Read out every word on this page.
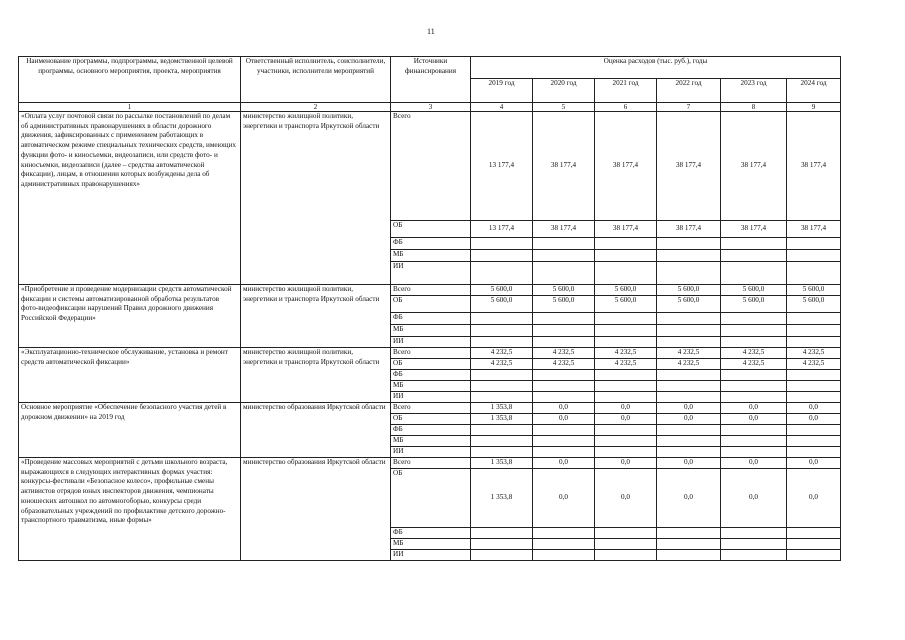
11
Наименование программы, подпрограммы, ведомственной целевой программы, основного мероприятия, проекта, мероприятия	Ответственный исполнитель, соисполнители, участники, исполнители мероприятий	Источники финансирования	Оценка расходов (тыс. руб.), годы					
			2019 год	2020 год	2021 год	2022 год	2023 год	2024 год
1	2	3	4	5	6	7	8	9
«Оплата услуг почтовой связи по рассылке постановлений по делам об административных правонарушениях в области дорожного движения, зафиксированных с применением работающих в автоматическом режиме специальных технических средств, имеющих функции фото- и киносъемки, видеозаписи, или средств фото- и киносъемки, видеозаписи (далее – средства автоматической фиксации), лицам, в отношении которых возбуждены дела об административных правонарушениях»	министерство жилищной политики, энергетики и транспорта Иркутской области	Всего	13 177,4	38 177,4	38 177,4	38 177,4	38 177,4	38 177,4
		ОБ	13 177,4	38 177,4	38 177,4	38 177,4	38 177,4	38 177,4
		ФБ						
		МБ						
		ИИ						
«Приобретение и проведение модернизации средств автоматической фиксации и системы автоматизированной обработка результатов фото-видеофиксации нарушений Правил дорожного движения Российской Федерации»	министерство жилищной политики, энергетики и транспорта Иркутской области	Всего	5 600,0	5 600,0	5 600,0	5 600,0	5 600,0	5 600,0
		ОБ	5 600,0	5 600,0	5 600,0	5 600,0	5 600,0	5 600,0
		ФБ						
		МБ						
		ИИ						
«Эксплуатационно-техническое обслуживание, установка и ремонт средств автоматической фиксации»	министерство жилищной политики, энергетики и транспорта Иркутской области	Всего	4 232,5	4 232,5	4 232,5	4 232,5	4 232,5	4 232,5
		ОБ	4 232,5	4 232,5	4 232,5	4 232,5	4 232,5	4 232,5
		ФБ						
		МБ						
		ИИ						
Основное мероприятие «Обеспечение безопасного участия детей в дорожном движении» на 2019 год	министерство образования Иркутской области	Всего	1 353,8	0,0	0,0	0,0	0,0	0,0
		ОБ	1 353,8	0,0	0,0	0,0	0,0	0,0
		ФБ						
		МБ						
		ИИ						
«Проведение массовых мероприятий с детьми школьного возраста, выражающихся в следующих интерактивных формах участия: конкурсы-фестивали «Безопасное колесо», профильные смены активистов отрядов юных инспекторов движения, чемпионаты юношеских автошкол по автомногоборью, конкурсы среди образовательных учреждений по профилактике детского дорожно-транспортного травматизма, иные формы»	министерство образования Иркутской области	Всего	1 353,8	0,0	0,0	0,0	0,0	0,0
		ОБ	1 353,8	0,0	0,0	0,0	0,0	0,0
		ФБ						
		МБ						
		ИИ						
